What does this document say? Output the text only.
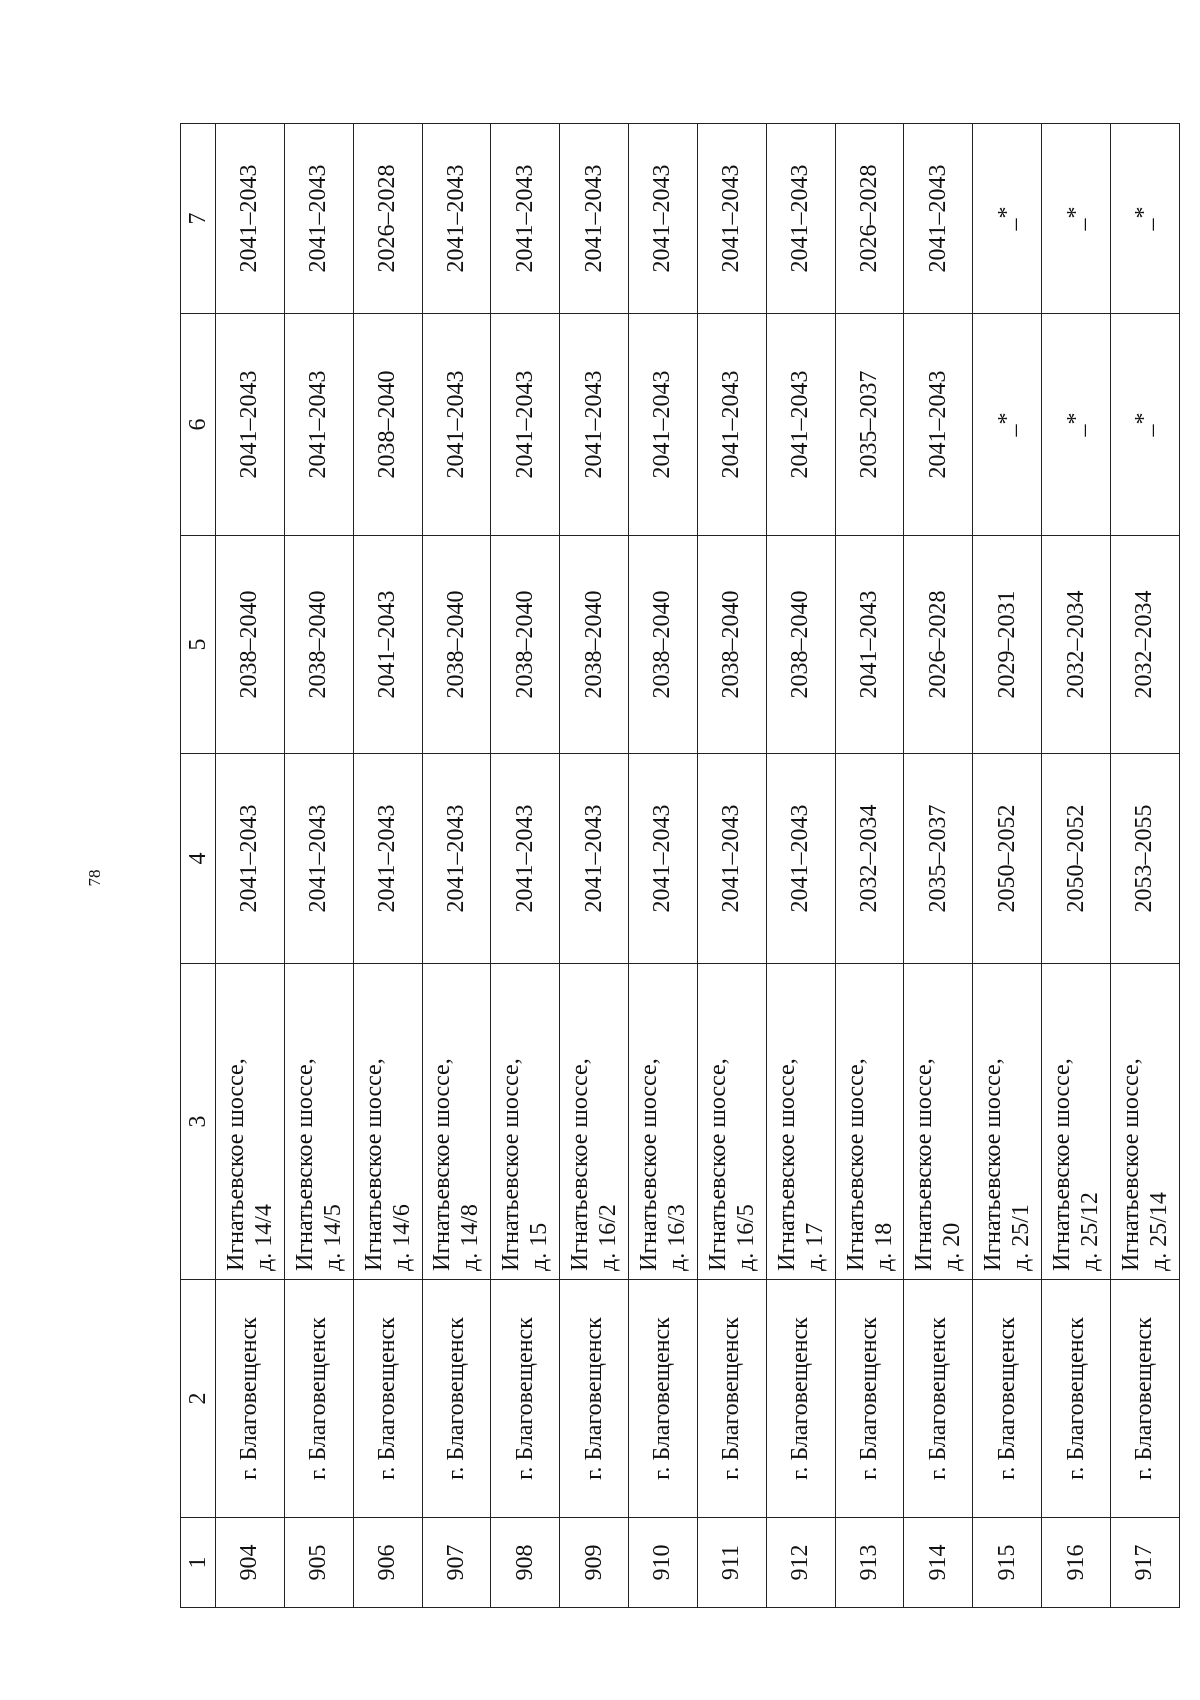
78
1	2	3	4	5	6	7
904	г. Благовещенск	Игнатьевское шоссе, д. 14/4	2041–2043	2038–2040	2041–2043	2041–2043
905	г. Благовещенск	Игнатьевское шоссе, д. 14/5	2041–2043	2038–2040	2041–2043	2041–2043
906	г. Благовещенск	Игнатьевское шоссе, д. 14/6	2041–2043	2041–2043	2038–2040	2026–2028
907	г. Благовещенск	Игнатьевское шоссе, д. 14/8	2041–2043	2038–2040	2041–2043	2041–2043
908	г. Благовещенск	Игнатьевское шоссе, д. 15	2041–2043	2038–2040	2041–2043	2041–2043
909	г. Благовещенск	Игнатьевское шоссе, д. 16/2	2041–2043	2038–2040	2041–2043	2041–2043
910	г. Благовещенск	Игнатьевское шоссе, д. 16/3	2041–2043	2038–2040	2041–2043	2041–2043
911	г. Благовещенск	Игнатьевское шоссе, д. 16/5	2041–2043	2038–2040	2041–2043	2041–2043
912	г. Благовещенск	Игнатьевское шоссе, д. 17	2041–2043	2038–2040	2041–2043	2041–2043
913	г. Благовещенск	Игнатьевское шоссе, д. 18	2032–2034	2041–2043	2035–2037	2026–2028
914	г. Благовещенск	Игнатьевское шоссе, д. 20	2035–2037	2026–2028	2041–2043	2041–2043
915	г. Благовещенск	Игнатьевское шоссе, д. 25/1	2050–2052	2029–2031	_*	_*
916	г. Благовещенск	Игнатьевское шоссе, д. 25/12	2050–2052	2032–2034	_*	_*
917	г. Благовещенск	Игнатьевское шоссе, д. 25/14	2053–2055	2032–2034	_*	_*
